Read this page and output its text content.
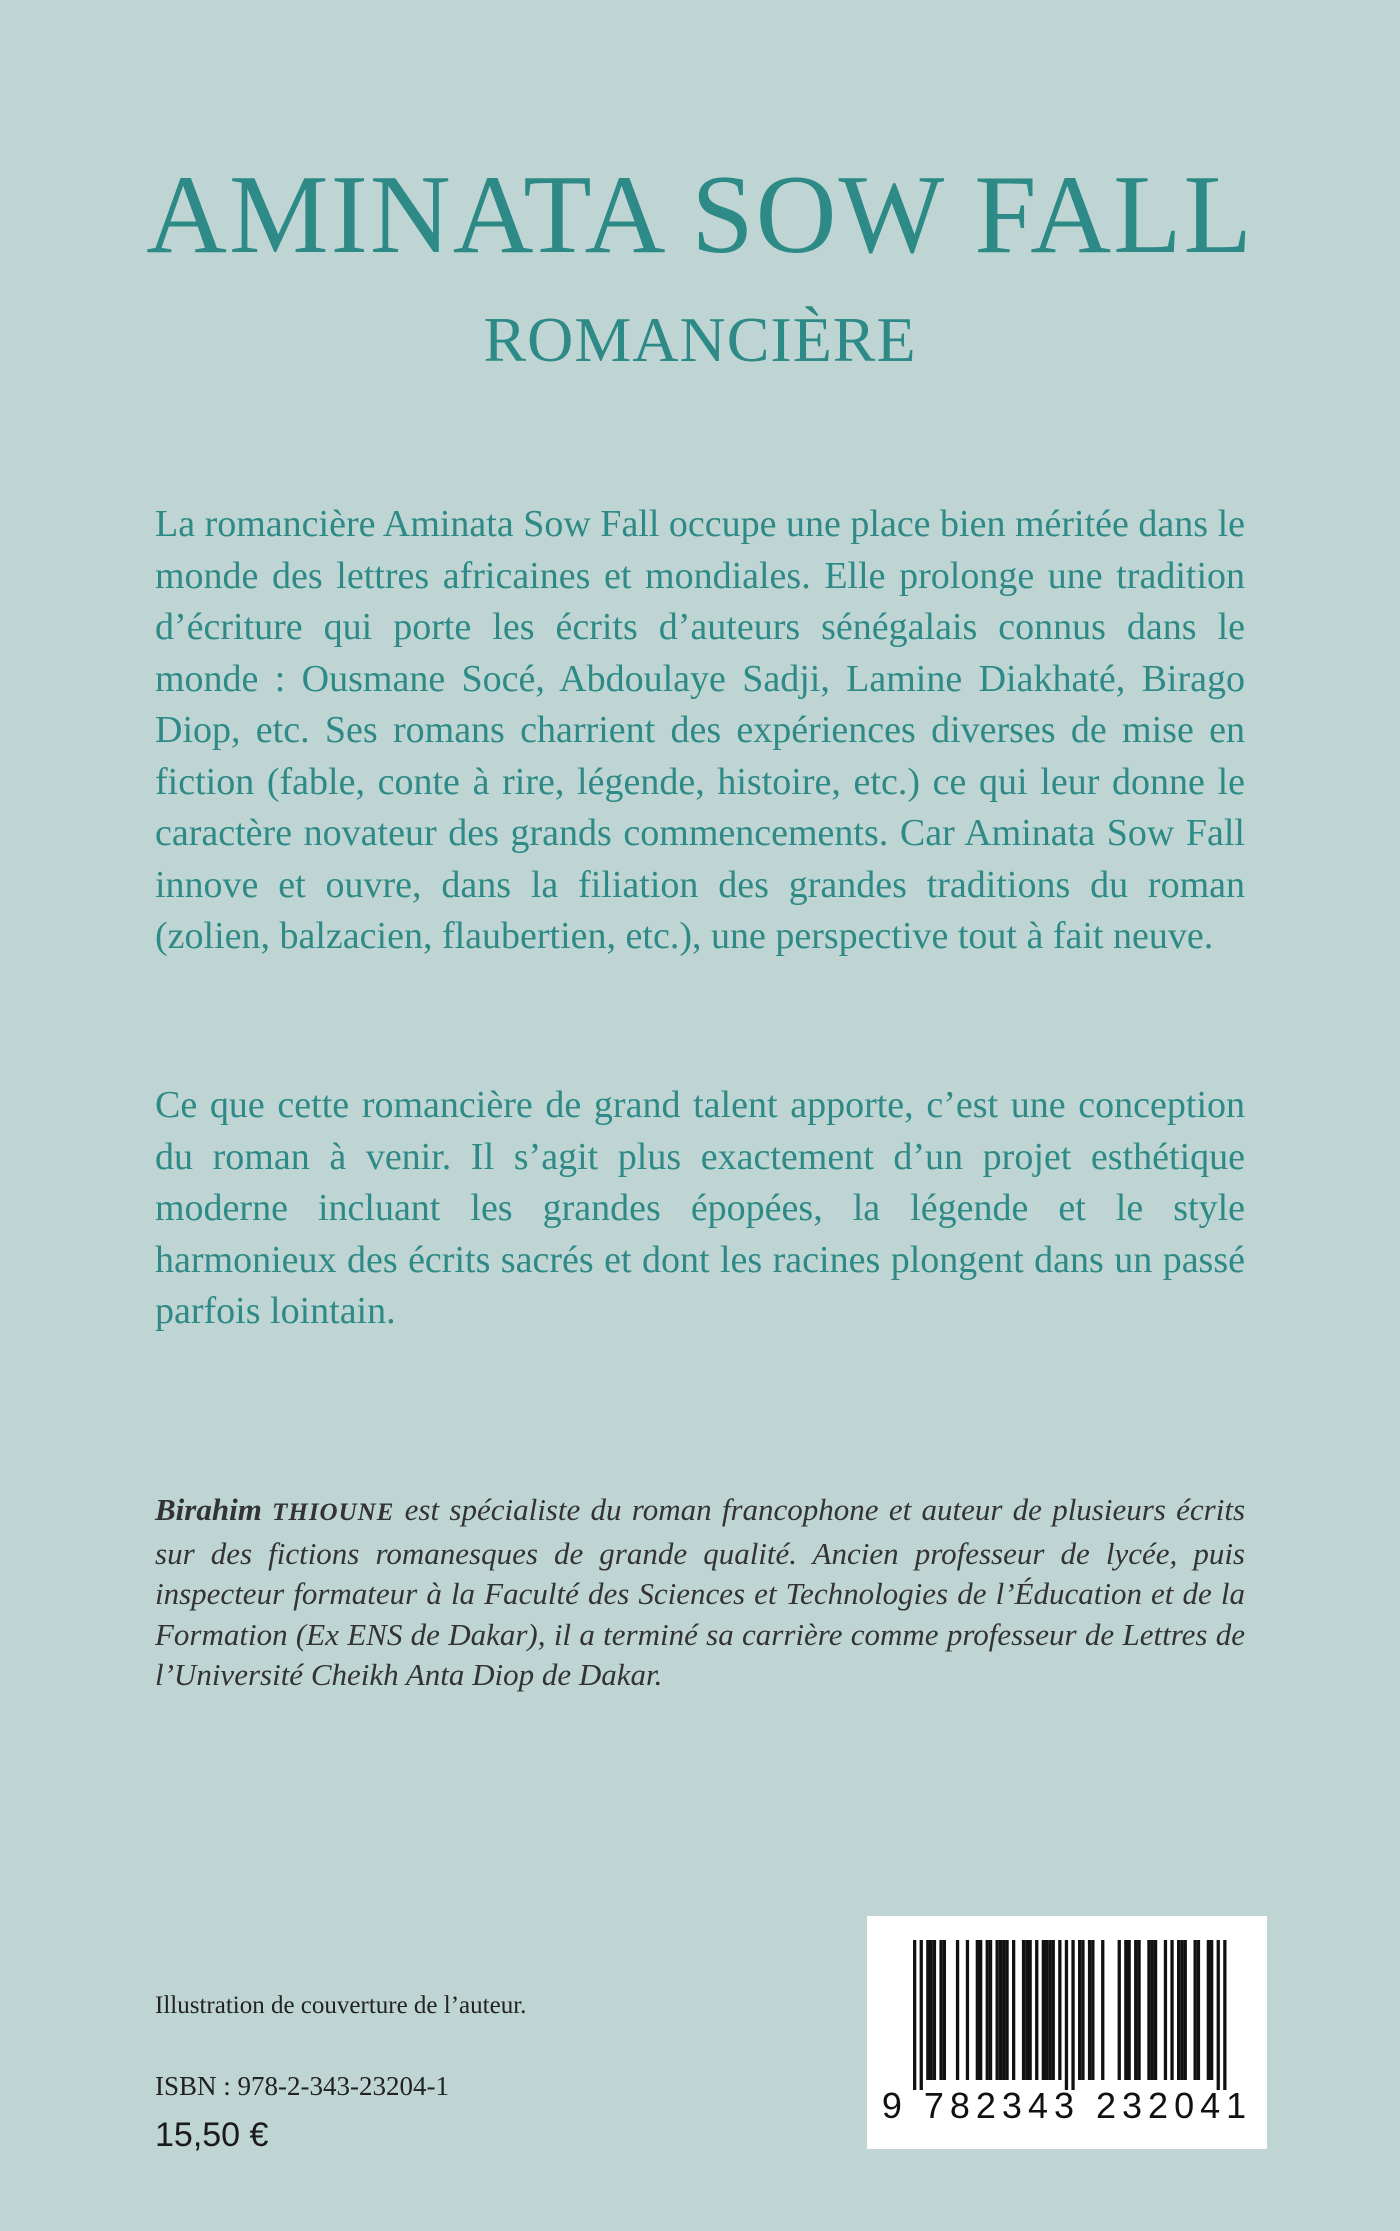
AMINATA SOW FALL
ROMANCIÈRE

La romancière Aminata Sow Fall occupe une place bien méritée dans le monde des lettres africaines et mondiales. Elle prolonge une tradition d’écriture qui porte les écrits d’auteurs sénégalais connus dans le monde : Ousmane Socé, Abdoulaye Sadji, Lamine Diakhaté, Birago Diop, etc. Ses romans charrient des expériences diverses de mise en fiction (fable, conte à rire, légende, histoire, etc.) ce qui leur donne le caractère novateur des grands commencements. Car Aminata Sow Fall innove et ouvre, dans la filiation des grandes traditions du roman (zolien, balzacien, flaubertien, etc.), une perspective tout à fait neuve.

Ce que cette romancière de grand talent apporte, c’est une conception du roman à venir. Il s’agit plus exactement d’un projet esthétique moderne incluant les grandes épopées, la légende et le style harmonieux des écrits sacrés et dont les racines plongent dans un passé parfois lointain.

Birahim THIOUNE est spécialiste du roman francophone et auteur de plusieurs écrits sur des fictions romanesques de grande qualité. Ancien professeur de lycée, puis inspecteur formateur à la Faculté des Sciences et Technologies de l’Éducation et de la Formation (Ex ENS de Dakar), il a terminé sa carrière comme professeur de Lettres de l’Université Cheikh Anta Diop de Dakar.

Illustration de couverture de l’auteur.
ISBN : 978-2-343-23204-1
15,50 €
9 782343 232041
